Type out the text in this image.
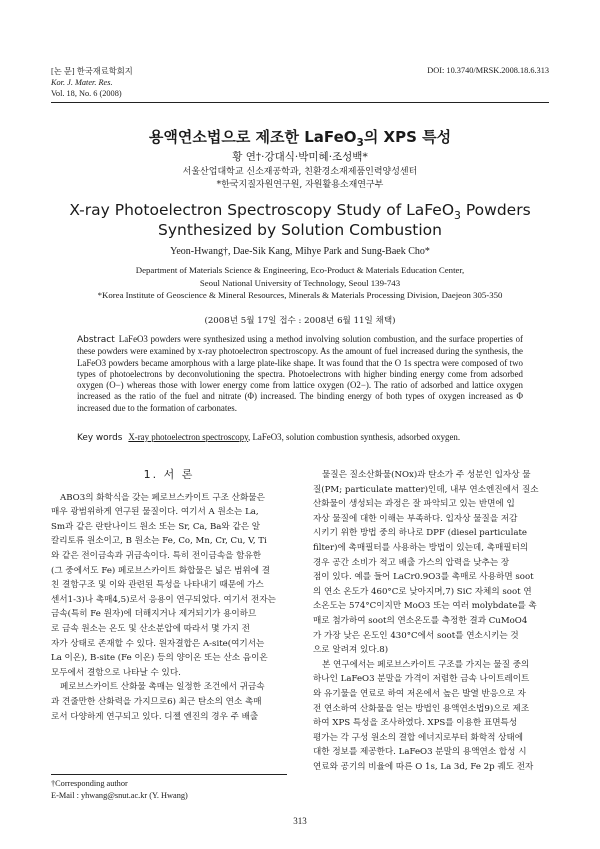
[논 문] 한국재료학회지
Kor. J. Mater. Res.
Vol. 18, No. 6 (2008)
DOI: 10.3740/MRSK.2008.18.6.313
용액연소법으로 제조한 LaFeO$_3$의 XPS 특성
황 연†·강대식·박미혜·조성백*
서울산업대학교 신소재공학과, 친환경소재제품인력양성센터
*한국지질자원연구원, 자원활용소재연구부
X-ray Photoelectron Spectroscopy Study of LaFeO$_3$ Powders
Synthesized by Solution Combustion
Yeon-Hwang†, Dae-Sik Kang, Mihye Park and Sung-Baek Cho*
Department of Materials Science & Engineering, Eco-Product & Materials Education Center,
Seoul National University of Technology, Seoul 139-743
*Korea Institute of Geoscience & Mineral Resources, Minerals & Materials Processing Division, Daejeon 305-350
(2008년 5월 17일 접수 : 2008년 6월 11일 채택)
Abstract LaFeO3 powders were synthesized using a method involving solution combustion, and the surface properties of these powders were examined by x-ray photoelectron spectroscopy. As the amount of fuel increased during the synthesis, the LaFeO3 powders became amorphous with a large plate-like shape. It was found that the O 1s spectra were composed of two types of photoelectrons by deconvolutioning the spectra. Photoelectrons with higher binding energy come from adsorbed oxygen (O−) whereas those with lower energy come from lattice oxygen (O2−). The ratio of adsorbed and lattice oxygen increased as the ratio of the fuel and nitrate (Φ) increased. The binding energy of both types of oxygen increased as Φ increased due to the formation of carbonates.
Key words X-ray photoelectron spectroscopy, LaFeO3, solution combustion synthesis, adsorbed oxygen.
1. 서 론

ABO3의 화학식을 갖는 페로브스카이트 구조 산화물은
매우 광범위하게 연구된 물질이다. 여기서 A 원소는 La,
Sm과 같은 란탄나이드 원소 또는 Sr, Ca, Ba와 같은 알
칼리토류 원소이고, B 원소는 Fe, Co, Mn, Cr, Cu, V, Ti
와 같은 전이금속과 귀금속이다. 특히 전이금속을 함유한
(그 중에서도 Fe) 페로브스카이트 화합물은 넓은 범위에 결
친 결함구조 및 이와 관련된 특성을 나타내기 때문에 가스
센서1-3)나 촉매4,5)로서 응용이 연구되었다. 여기서 전자는
금속(특히 Fe 원자)에 더해지거나 제거되기가 용이하므
로 금속 원소는 온도 및 산소분압에 따라서 몇 가지 전
자가 상태로 존재할 수 있다. 원자결합은 A-site(여기서는
La 이온), B-site (Fe 이온) 등의 양이온 또는 산소 음이온
모두에서 결함으로 나타날 수 있다.

페로브스카이트 산화물 촉매는 일정한 조건에서 귀금속
과 견줄만한 산화력을 가지므로6) 최근 탄소의 연소 촉매
로서 다양하게 연구되고 있다. 디젤 엔진의 경우 주 배출

물질은 질소산화물(NOx)과 탄소가 주 성분인 입자상 물
질(PM; particulate matter)인데, 내부 연소엔진에서 질소
산화물이 생성되는 과정은 잘 파악되고 있는 반면에 입
자상 물질에 대한 이해는 부족하다. 입자상 물질을 저감
시키기 위한 방법 중의 하나로 DPF (diesel particulate
filter)에 촉매필터를 사용하는 방법이 있는데, 촉매필터의
경우 공간 소비가 적고 배출 가스의 압력을 낮추는 장
점이 있다. 예를 들어 LaCr0.9O3를 촉매로 사용하면 soot
의 연소 온도가 460°C로 낮아지며,7) SiC 자체의 soot 연
소온도는 574°C이지만 MoO3 또는 여러 molybdate를 촉
매로 첨가하여 soot의 연소온도를 측정한 결과 CuMoO4
가 가장 낮은 온도인 430°C에서 soot를 연소시키는 것
으로 알려져 있다.8)

본 연구에서는 페로브스카이트 구조를 가지는 물질 중의
하나인 LaFeO3 분말을 가격이 저렴한 금속 나이트레이트
와 유기물을 연료로 하여 저온에서 높은 발열 반응으로 자
전 연소하여 산화물을 얻는 방법인 용액연소법9)으로 제조
하여 XPS 특성을 조사하였다. XPS를 이용한 표면특성
평가는 각 구성 원소의 결합 에너지로부터 화학적 상태에
대한 정보를 제공한다. LaFeO3 분말의 용액연소 합성 시
연료와 공기의 비율에 따른 O 1s, La 3d, Fe 2p 궤도 전자

†Corresponding author
E-Mail : yhwang@snut.ac.kr (Y. Hwang)
313
